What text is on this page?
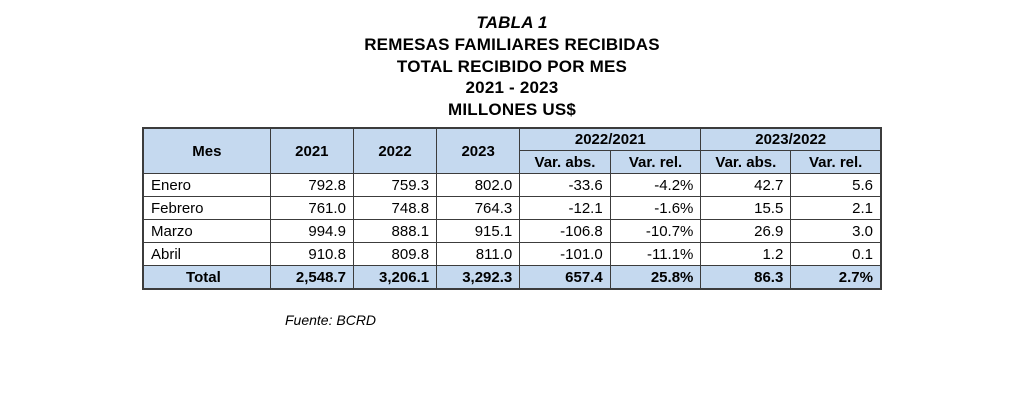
TABLA 1
REMESAS FAMILIARES RECIBIDAS
TOTAL RECIBIDO POR MES
2021 - 2023
MILLONES US$
Mes	2021	2022	2023	2022/2021		2023/2022	
				Var. abs.	Var. rel.	Var. abs.	Var. rel.
Enero	792.8	759.3	802.0	-33.6	-4.2%	42.7	5.6
Febrero	761.0	748.8	764.3	-12.1	-1.6%	15.5	2.1
Marzo	994.9	888.1	915.1	-106.8	-10.7%	26.9	3.0
Abril	910.8	809.8	811.0	-101.0	-11.1%	1.2	0.1
Total	2,548.7	3,206.1	3,292.3	657.4	25.8%	86.3	2.7%
Fuente: BCRD
